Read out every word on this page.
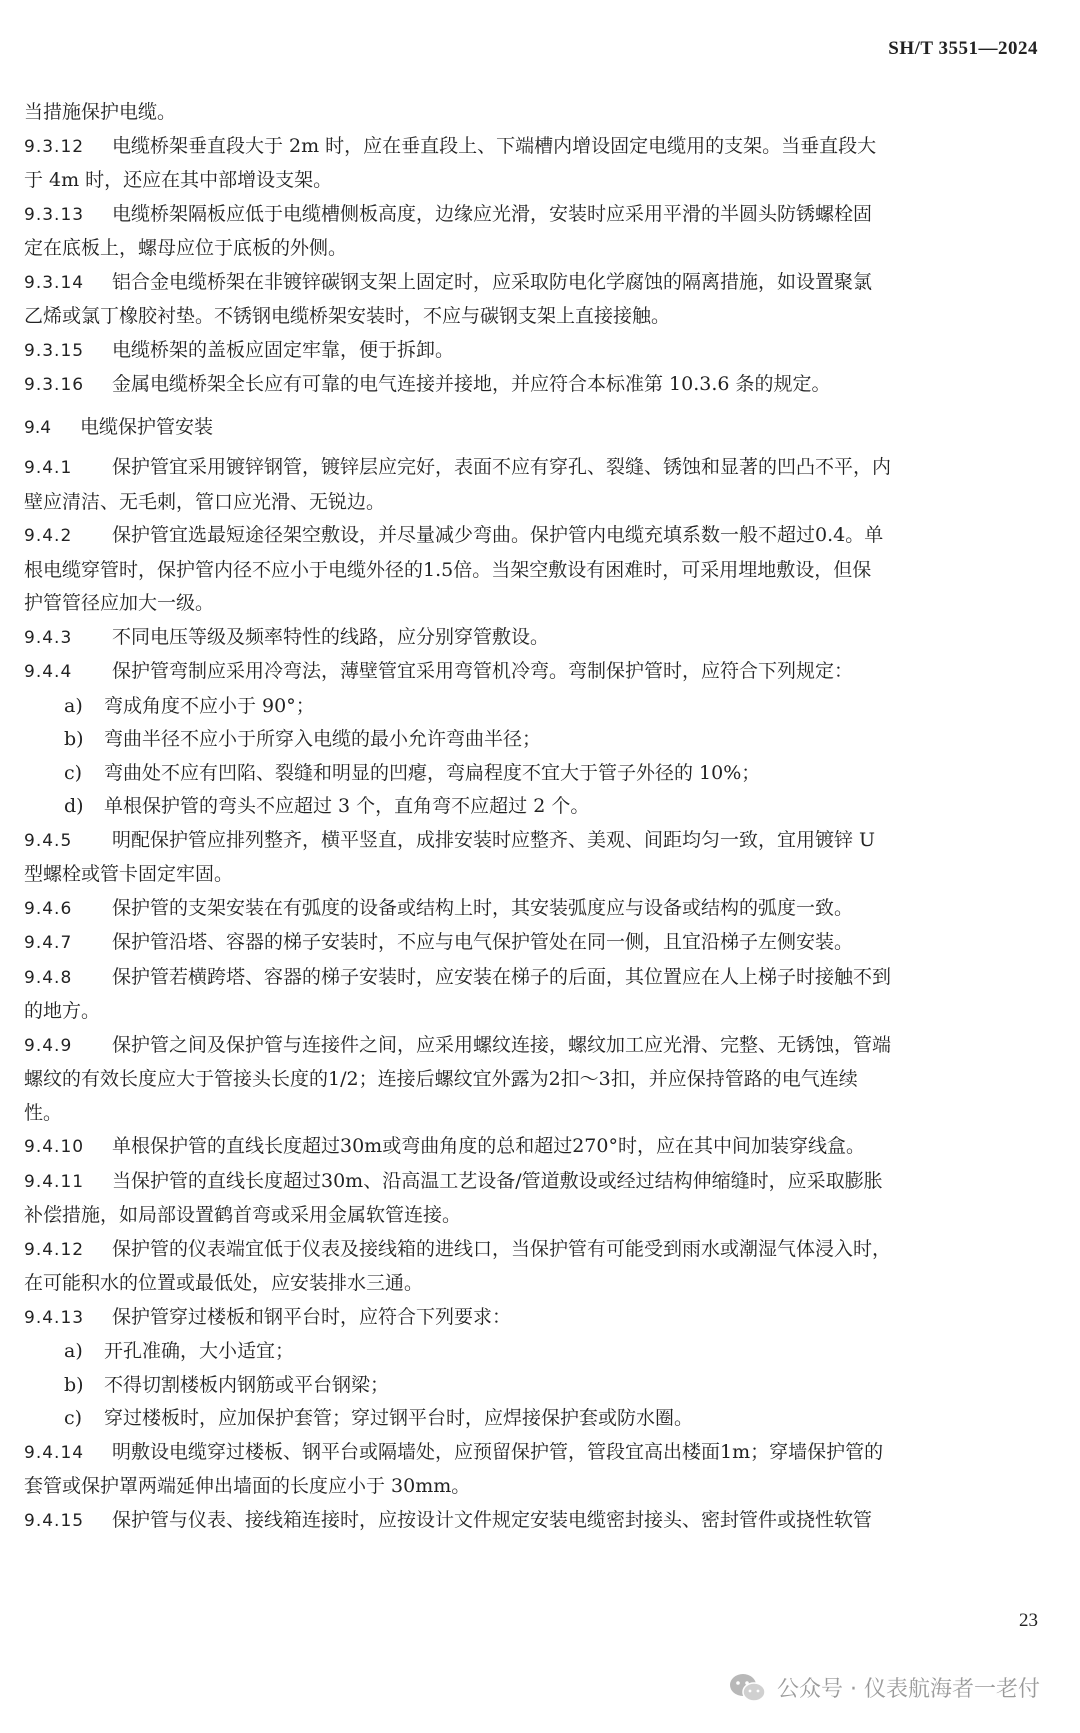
SH/T 3551—2024
当措施保护电缆。
9.3.12 电缆桥架垂直段大于 2m 时，应在垂直段上、下端槽内增设固定电缆用的支架。当垂直段大
于 4m 时，还应在其中部增设支架。
9.3.13 电缆桥架隔板应低于电缆槽侧板高度，边缘应光滑，安装时应采用平滑的半圆头防锈螺栓固
定在底板上，螺母应位于底板的外侧。
9.3.14 铝合金电缆桥架在非镀锌碳钢支架上固定时，应采取防电化学腐蚀的隔离措施，如设置聚氯
乙烯或氯丁橡胶衬垫。不锈钢电缆桥架安装时，不应与碳钢支架上直接接触。
9.3.15 电缆桥架的盖板应固定牢靠，便于拆卸。
9.3.16 金属电缆桥架全长应有可靠的电气连接并接地，并应符合本标准第 10.3.6 条的规定。
9.4 电缆保护管安装
9.4.1 保护管宜采用镀锌钢管，镀锌层应完好，表面不应有穿孔、裂缝、锈蚀和显著的凹凸不平，内
壁应清洁、无毛刺，管口应光滑、无锐边。
9.4.2 保护管宜选最短途径架空敷设，并尽量减少弯曲。保护管内电缆充填系数一般不超过0.4。单
根电缆穿管时，保护管内径不应小于电缆外径的1.5倍。当架空敷设有困难时，可采用埋地敷设，但保
护管管径应加大一级。
9.4.3 不同电压等级及频率特性的线路，应分别穿管敷设。
9.4.4 保护管弯制应采用冷弯法，薄壁管宜采用弯管机冷弯。弯制保护管时，应符合下列规定：
a) 弯成角度不应小于 90°；
b) 弯曲半径不应小于所穿入电缆的最小允许弯曲半径；
c) 弯曲处不应有凹陷、裂缝和明显的凹瘪，弯扁程度不宜大于管子外径的 10%；
d) 单根保护管的弯头不应超过 3 个，直角弯不应超过 2 个。
9.4.5 明配保护管应排列整齐，横平竖直，成排安装时应整齐、美观、间距均匀一致，宜用镀锌 U
型螺栓或管卡固定牢固。
9.4.6 保护管的支架安装在有弧度的设备或结构上时，其安装弧度应与设备或结构的弧度一致。
9.4.7 保护管沿塔、容器的梯子安装时，不应与电气保护管处在同一侧，且宜沿梯子左侧安装。
9.4.8 保护管若横跨塔、容器的梯子安装时，应安装在梯子的后面，其位置应在人上梯子时接触不到
的地方。
9.4.9 保护管之间及保护管与连接件之间，应采用螺纹连接，螺纹加工应光滑、完整、无锈蚀，管端
螺纹的有效长度应大于管接头长度的1/2；连接后螺纹宜外露为2扣～3扣，并应保持管路的电气连续
性。
9.4.10 单根保护管的直线长度超过30m或弯曲角度的总和超过270°时，应在其中间加装穿线盒。
9.4.11 当保护管的直线长度超过30m、沿高温工艺设备/管道敷设或经过结构伸缩缝时，应采取膨胀
补偿措施，如局部设置鹤首弯或采用金属软管连接。
9.4.12 保护管的仪表端宜低于仪表及接线箱的进线口，当保护管有可能受到雨水或潮湿气体浸入时，
在可能积水的位置或最低处，应安装排水三通。
9.4.13 保护管穿过楼板和钢平台时，应符合下列要求：
a) 开孔准确，大小适宜；
b) 不得切割楼板内钢筋或平台钢梁；
c) 穿过楼板时，应加保护套管；穿过钢平台时，应焊接保护套或防水圈。
9.4.14 明敷设电缆穿过楼板、钢平台或隔墙处，应预留保护管，管段宜高出楼面1m；穿墙保护管的
套管或保护罩两端延伸出墙面的长度应小于 30mm。
9.4.15 保护管与仪表、接线箱连接时，应按设计文件规定安装电缆密封接头、密封管件或挠性软管
23
公众号 · 仪表航海者一老付
